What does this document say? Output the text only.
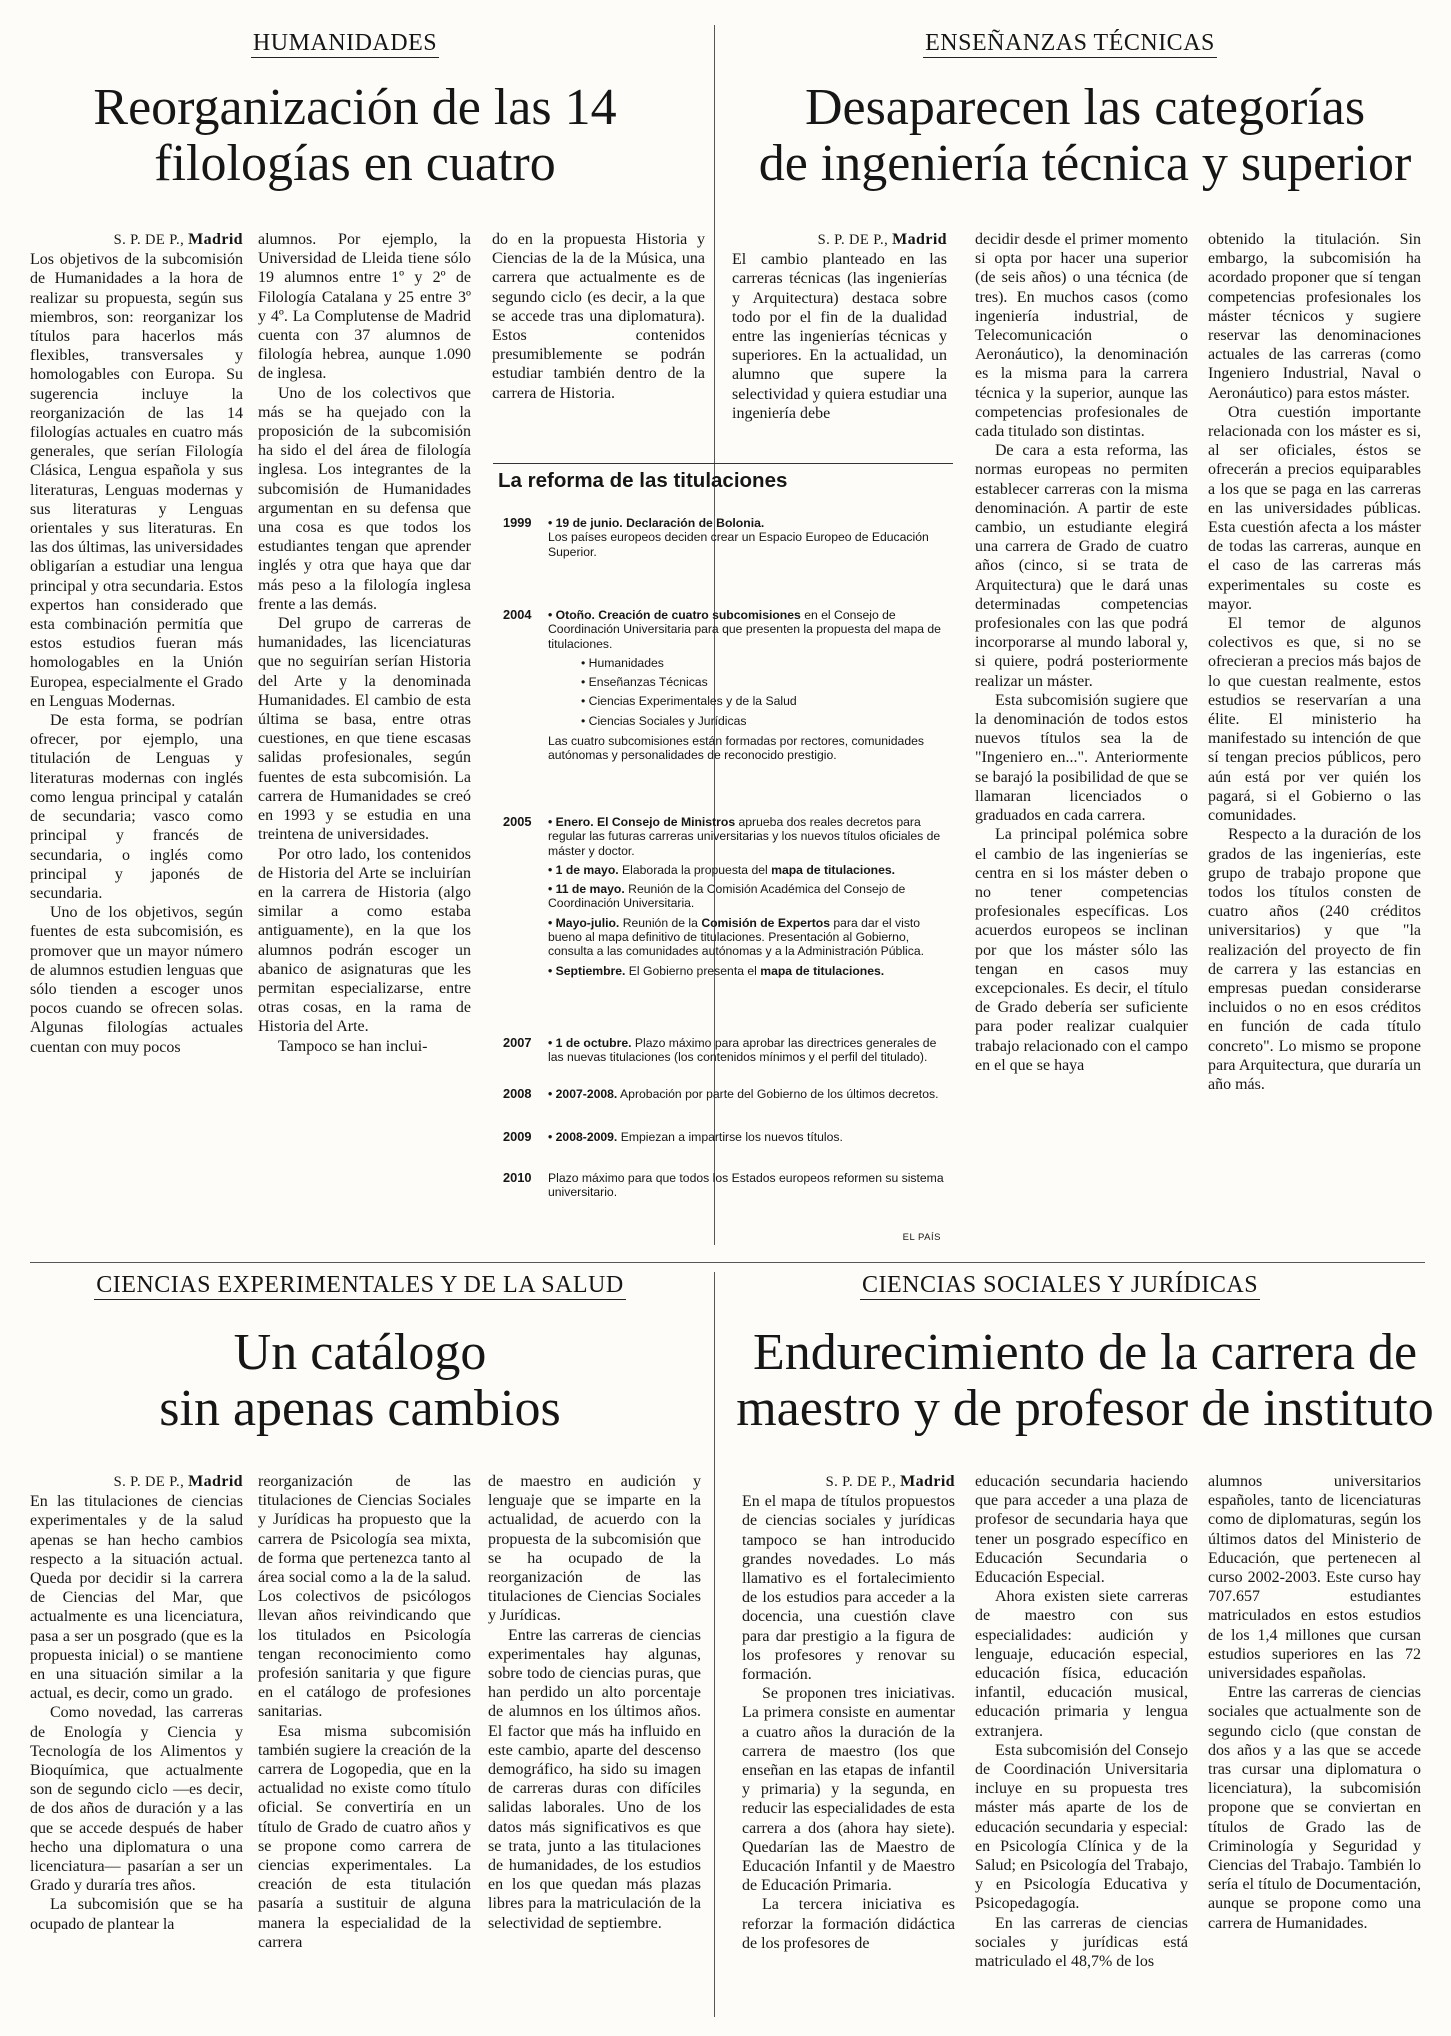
HUMANIDADES
Reorganización de las 14
filologías en cuatro
S. P. DE P., Madrid

Los objetivos de la subcomisión de Humanidades a la hora de realizar su propuesta, según sus miembros, son: reorganizar los títulos para hacerlos más flexibles, transversales y homologables con Europa. Su sugerencia incluye la reorganización de las 14 filologías actuales en cuatro más generales, que serían Filología Clásica, Lengua española y sus literaturas, Lenguas modernas y sus literaturas y Lenguas orientales y sus literaturas. En las dos últimas, las universidades obligarían a estudiar una lengua principal y otra secundaria. Estos expertos han considerado que esta combinación permitía que estos estudios fueran más homologables en la Unión Europea, especialmente el Grado en Lenguas Modernas.

De esta forma, se podrían ofrecer, por ejemplo, una titulación de Lenguas y literaturas modernas con inglés como lengua principal y catalán de secundaria; vasco como principal y francés de secundaria, o inglés como principal y japonés de secundaria.

Uno de los objetivos, según fuentes de esta subcomisión, es promover que un mayor número de alumnos estudien lenguas que sólo tienden a escoger unos pocos cuando se ofrecen solas. Algunas filologías actuales cuentan con muy pocos

alumnos. Por ejemplo, la Universidad de Lleida tiene sólo 19 alumnos entre 1º y 2º de Filología Catalana y 25 entre 3º y 4º. La Complutense de Madrid cuenta con 37 alumnos de filología hebrea, aunque 1.090 de inglesa.

Uno de los colectivos que más se ha quejado con la proposición de la subcomisión ha sido el del área de filología inglesa. Los integrantes de la subcomisión de Humanidades argumentan en su defensa que una cosa es que todos los estudiantes tengan que aprender inglés y otra que haya que dar más peso a la filología inglesa frente a las demás.

Del grupo de carreras de humanidades, las licenciaturas que no seguirían serían Historia del Arte y la denominada Humanidades. El cambio de esta última se basa, entre otras cuestiones, en que tiene escasas salidas profesionales, según fuentes de esta subcomisión. La carrera de Humanidades se creó en 1993 y se estudia en una treintena de universidades.

Por otro lado, los contenidos de Historia del Arte se incluirían en la carrera de Historia (algo similar a como estaba antiguamente), en la que los alumnos podrán escoger un abanico de asignaturas que les permitan especializarse, entre otras cosas, en la rama de Historia del Arte.

Tampoco se han inclui-

do en la propuesta Historia y Ciencias de la de la Música, una carrera que actualmente es de segundo ciclo (es decir, a la que se accede tras una diplomatura). Estos contenidos presumiblemente se podrán estudiar también dentro de la carrera de Historia.

ENSEÑANZAS TÉCNICAS
Desaparecen las categorías
de ingeniería técnica y superior
S. P. DE P., Madrid

El cambio planteado en las carreras técnicas (las ingenierías y Arquitectura) destaca sobre todo por el fin de la dualidad entre las ingenierías técnicas y superiores. En la actualidad, un alumno que supere la selectividad y quiera estudiar una ingeniería debe

decidir desde el primer momento si opta por hacer una superior (de seis años) o una técnica (de tres). En muchos casos (como ingeniería industrial, de Telecomunicación o Aeronáutico), la denominación es la misma para la carrera técnica y la superior, aunque las competencias profesionales de cada titulado son distintas.

De cara a esta reforma, las normas europeas no permiten establecer carreras con la misma denominación. A partir de este cambio, un estudiante elegirá una carrera de Grado de cuatro años (cinco, si se trata de Arquitectura) que le dará unas determinadas competencias profesionales con las que podrá incorporarse al mundo laboral y, si quiere, podrá posteriormente realizar un máster.

Esta subcomisión sugiere que la denominación de todos estos nuevos títulos sea la de "Ingeniero en...". Anteriormente se barajó la posibilidad de que se llamaran licenciados o graduados en cada carrera.

La principal polémica sobre el cambio de las ingenierías se centra en si los máster deben o no tener competencias profesionales específicas. Los acuerdos europeos se inclinan por que los máster sólo las tengan en casos muy excepcionales. Es decir, el título de Grado debería ser suficiente para poder realizar cualquier trabajo relacionado con el campo en el que se haya

obtenido la titulación. Sin embargo, la subcomisión ha acordado proponer que sí tengan competencias profesionales los máster técnicos y sugiere reservar las denominaciones actuales de las carreras (como Ingeniero Industrial, Naval o Aeronáutico) para estos máster.

Otra cuestión importante relacionada con los máster es si, al ser oficiales, éstos se ofrecerán a precios equiparables a los que se paga en las carreras en las universidades públicas. Esta cuestión afecta a los máster de todas las carreras, aunque en el caso de las carreras más experimentales su coste es mayor.

El temor de algunos colectivos es que, si no se ofrecieran a precios más bajos de lo que cuestan realmente, estos estudios se reservarían a una élite. El ministerio ha manifestado su intención de que sí tengan precios públicos, pero aún está por ver quién los pagará, si el Gobierno o las comunidades.

Respecto a la duración de los grados de las ingenierías, este grupo de trabajo propone que todos los títulos consten de cuatro años (240 créditos universitarios) y que "la realización del proyecto de fin de carrera y las estancias en empresas puedan considerarse incluidos o no en esos créditos en función de cada título concreto". Lo mismo se propone para Arquitectura, que duraría un año más.

La reforma de las titulaciones
1999 • 19 de junio. Declaración de Bolonia.
Los países europeos deciden crear un Espacio Europeo de Educación Superior.
2004 • Otoño. Creación de cuatro subcomisiones en el Consejo de Coordinación Universitaria para que presenten la propuesta del mapa de titulaciones.

• Humanidades
• Enseñanzas Técnicas
• Ciencias Experimentales y de la Salud
• Ciencias Sociales y Jurídicas

Las cuatro subcomisiones están formadas por rectores, comunidades autónomas y personalidades de reconocido prestigio.

2005 • Enero. El Consejo de Ministros aprueba dos reales decretos para regular las futuras carreras universitarias y los nuevos títulos oficiales de máster y doctor.

• 1 de mayo. Elaborada la propuesta del mapa de titulaciones.

• 11 de mayo. Reunión de la Comisión Académica del Consejo de Coordinación Universitaria.

• Mayo-julio. Reunión de la Comisión de Expertos para dar el visto bueno al mapa definitivo de titulaciones. Presentación al Gobierno, consulta a las comunidades autónomas y a la Administración Pública.

• Septiembre. El Gobierno presenta el mapa de titulaciones.

2007 • 1 de octubre. Plazo máximo para aprobar las directrices generales de las nuevas titulaciones (los contenidos mínimos y el perfil del titulado).
2008 • 2007-2008. Aprobación por parte del Gobierno de los últimos decretos.
2009 • 2008-2009. Empiezan a impartirse los nuevos títulos.
2010 Plazo máximo para que todos los Estados europeos reformen su sistema universitario.
EL PAÍS
CIENCIAS EXPERIMENTALES Y DE LA SALUD
Un catálogo
sin apenas cambios
S. P. DE P., Madrid

En las titulaciones de ciencias experimentales y de la salud apenas se han hecho cambios respecto a la situación actual. Queda por decidir si la carrera de Ciencias del Mar, que actualmente es una licenciatura, pasa a ser un posgrado (que es la propuesta inicial) o se mantiene en una situación similar a la actual, es decir, como un grado.

Como novedad, las carreras de Enología y Ciencia y Tecnología de los Alimentos y Bioquímica, que actualmente son de segundo ciclo —es decir, de dos años de duración y a las que se accede después de haber hecho una diplomatura o una licenciatura— pasarían a ser un Grado y duraría tres años.

La subcomisión que se ha ocupado de plantear la

reorganización de las titulaciones de Ciencias Sociales y Jurídicas ha propuesto que la carrera de Psicología sea mixta, de forma que pertenezca tanto al área social como a la de la salud. Los colectivos de psicólogos llevan años reivindicando que los titulados en Psicología tengan reconocimiento como profesión sanitaria y que figure en el catálogo de profesiones sanitarias.

Esa misma subcomisión también sugiere la creación de la carrera de Logopedia, que en la actualidad no existe como título oficial. Se convertiría en un título de Grado de cuatro años y se propone como carrera de ciencias experimentales. La creación de esta titulación pasaría a sustituir de alguna manera la especialidad de la carrera

de maestro en audición y lenguaje que se imparte en la actualidad, de acuerdo con la propuesta de la subcomisión que se ha ocupado de la reorganización de las titulaciones de Ciencias Sociales y Jurídicas.

Entre las carreras de ciencias experimentales hay algunas, sobre todo de ciencias puras, que han perdido un alto porcentaje de alumnos en los últimos años. El factor que más ha influido en este cambio, aparte del descenso demográfico, ha sido su imagen de carreras duras con difíciles salidas laborales. Uno de los datos más significativos es que se trata, junto a las titulaciones de humanidades, de los estudios en los que quedan más plazas libres para la matriculación de la selectividad de septiembre.

CIENCIAS SOCIALES Y JURÍDICAS
Endurecimiento de la carrera de
maestro y de profesor de instituto
S. P. DE P., Madrid

En el mapa de títulos propuestos de ciencias sociales y jurídicas tampoco se han introducido grandes novedades. Lo más llamativo es el fortalecimiento de los estudios para acceder a la docencia, una cuestión clave para dar prestigio a la figura de los profesores y renovar su formación.

Se proponen tres iniciativas. La primera consiste en aumentar a cuatro años la duración de la carrera de maestro (los que enseñan en las etapas de infantil y primaria) y la segunda, en reducir las especialidades de esta carrera a dos (ahora hay siete). Quedarían las de Maestro de Educación Infantil y de Maestro de Educación Primaria.

La tercera iniciativa es reforzar la formación didáctica de los profesores de

educación secundaria haciendo que para acceder a una plaza de profesor de secundaria haya que tener un posgrado específico en Educación Secundaria o Educación Especial.

Ahora existen siete carreras de maestro con sus especialidades: audición y lenguaje, educación especial, educación física, educación infantil, educación musical, educación primaria y lengua extranjera.

Esta subcomisión del Consejo de Coordinación Universitaria incluye en su propuesta tres máster más aparte de los de educación secundaria y especial: en Psicología Clínica y de la Salud; en Psicología del Trabajo, y en Psicología Educativa y Psicopedagogía.

En las carreras de ciencias sociales y jurídicas está matriculado el 48,7% de los

alumnos universitarios españoles, tanto de licenciaturas como de diplomaturas, según los últimos datos del Ministerio de Educación, que pertenecen al curso 2002-2003. Este curso hay 707.657 estudiantes matriculados en estos estudios de los 1,4 millones que cursan estudios superiores en las 72 universidades españolas.

Entre las carreras de ciencias sociales que actualmente son de segundo ciclo (que constan de dos años y a las que se accede tras cursar una diplomatura o licenciatura), la subcomisión propone que se conviertan en títulos de Grado las de Criminología y Seguridad y Ciencias del Trabajo. También lo sería el título de Documentación, aunque se propone como una carrera de Humanidades.
